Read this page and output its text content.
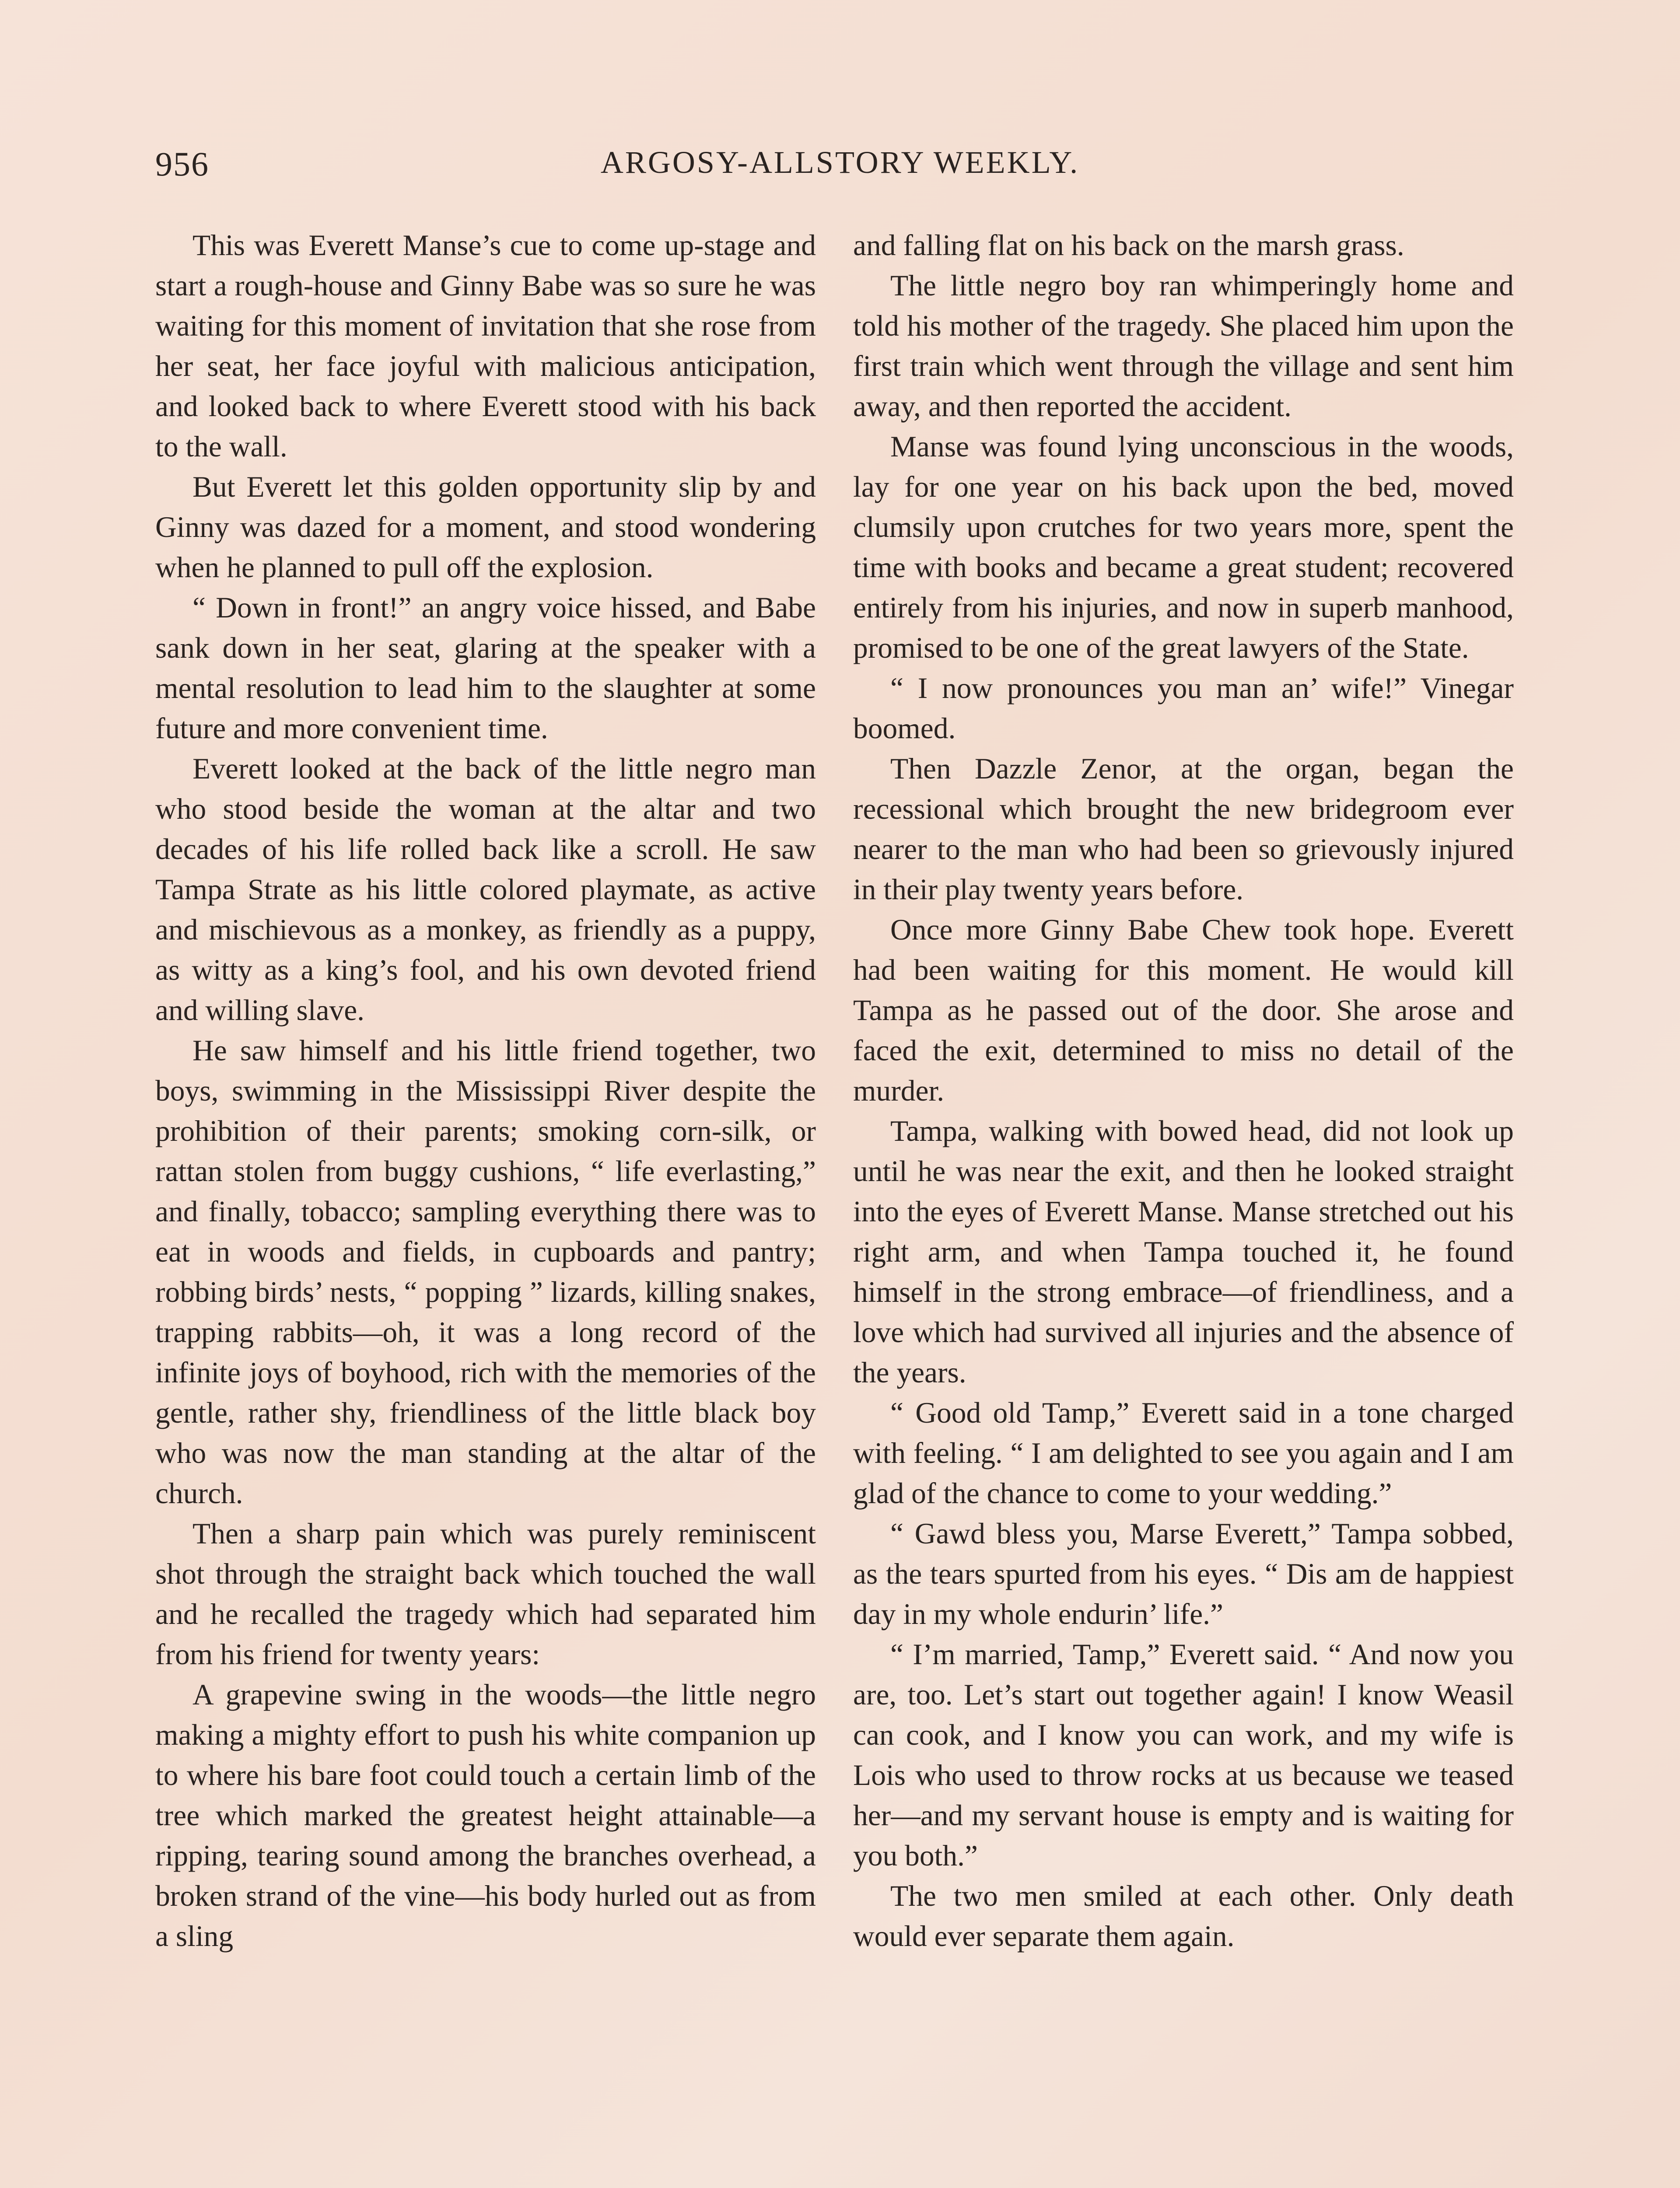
956	ARGOSY-ALLSTORY WEEKLY.

This was Everett Manse’s cue to come up-stage and start a rough-house and Ginny Babe was so sure he was waiting for this moment of invitation that she rose from her seat, her face joyful with malicious anticipation, and looked back to where Everett stood with his back to the wall.

But Everett let this golden opportunity slip by and Ginny was dazed for a moment, and stood wondering when he planned to pull off the explosion.

“ Down in front!” an angry voice hissed, and Babe sank down in her seat, glaring at the speaker with a mental resolution to lead him to the slaughter at some future and more convenient time.

Everett looked at the back of the little negro man who stood beside the woman at the altar and two decades of his life rolled back like a scroll. He saw Tampa Strate as his little colored playmate, as active and mischievous as a monkey, as friendly as a puppy, as witty as a king’s fool, and his own devoted friend and willing slave.

He saw himself and his little friend together, two boys, swimming in the Mississippi River despite the prohibition of their parents; smoking corn-silk, or rattan stolen from buggy cushions, “ life everlasting,” and finally, tobacco; sampling everything there was to eat in woods and fields, in cupboards and pantry; robbing birds’ nests, “ popping ” lizards, killing snakes, trapping rabbits—oh, it was a long record of the infinite joys of boyhood, rich with the memories of the gentle, rather shy, friendliness of the little black boy who was now the man standing at the altar of the church.

Then a sharp pain which was purely reminiscent shot through the straight back which touched the wall and he recalled the tragedy which had separated him from his friend for twenty years:

A grapevine swing in the woods—the little negro making a mighty effort to push his white companion up to where his bare foot could touch a certain limb of the tree which marked the greatest height attainable—a ripping, tearing sound among the branches overhead, a broken strand of the vine—his body hurled out as from a sling

and falling flat on his back on the marsh grass.

The little negro boy ran whimperingly home and told his mother of the tragedy. She placed him upon the first train which went through the village and sent him away, and then reported the accident.

Manse was found lying unconscious in the woods, lay for one year on his back upon the bed, moved clumsily upon crutches for two years more, spent the time with books and became a great student; recovered entirely from his injuries, and now in superb manhood, promised to be one of the great lawyers of the State.

“ I now pronounces you man an’ wife!” Vinegar boomed.

Then Dazzle Zenor, at the organ, began the recessional which brought the new bridegroom ever nearer to the man who had been so grievously injured in their play twenty years before.

Once more Ginny Babe Chew took hope. Everett had been waiting for this moment. He would kill Tampa as he passed out of the door. She arose and faced the exit, determined to miss no detail of the murder.

Tampa, walking with bowed head, did not look up until he was near the exit, and then he looked straight into the eyes of Everett Manse. Manse stretched out his right arm, and when Tampa touched it, he found himself in the strong embrace—of friendliness, and a love which had survived all injuries and the absence of the years.

“ Good old Tamp,” Everett said in a tone charged with feeling. “ I am delighted to see you again and I am glad of the chance to come to your wedding.”

“ Gawd bless you, Marse Everett,” Tampa sobbed, as the tears spurted from his eyes. “ Dis am de happiest day in my whole endurin’ life.”

“ I’m married, Tamp,” Everett said. “ And now you are, too. Let’s start out together again! I know Weasil can cook, and I know you can work, and my wife is Lois who used to throw rocks at us because we teased her—and my servant house is empty and is waiting for you both.”

The two men smiled at each other. Only death would ever separate them again.
